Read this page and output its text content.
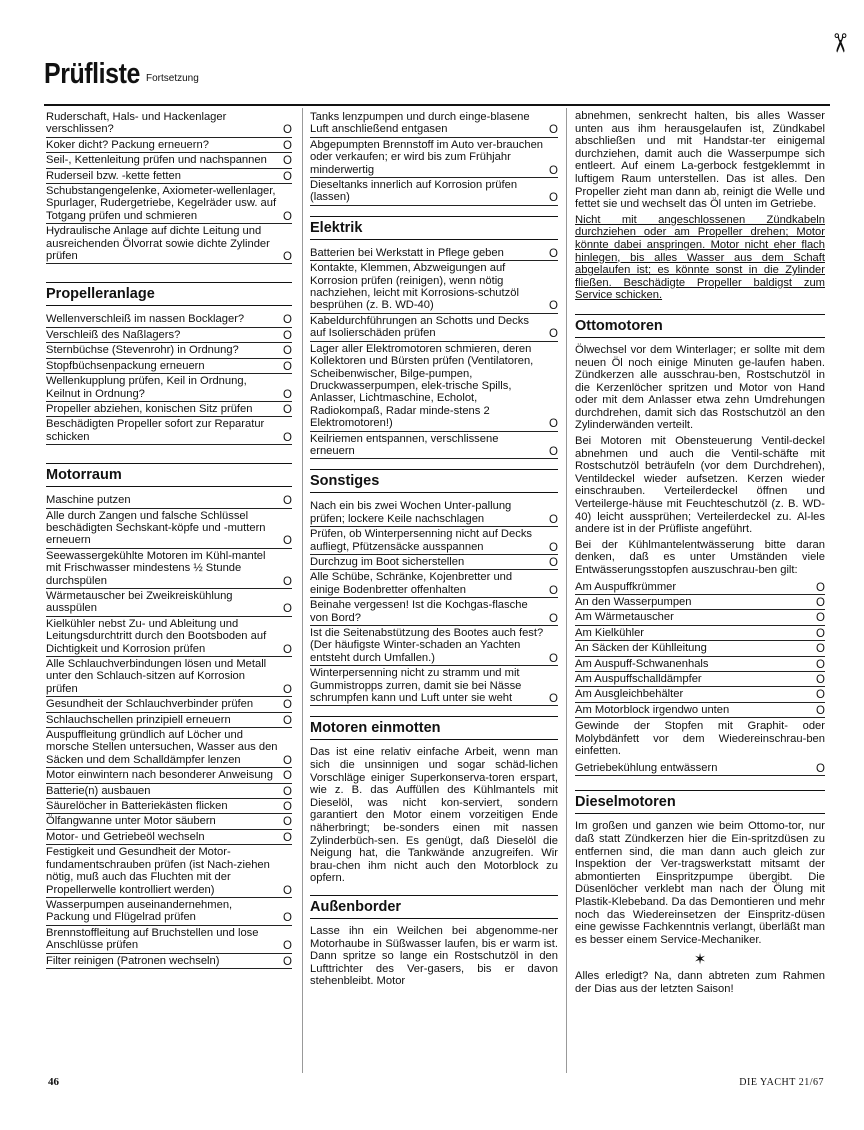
✂
Prüfliste Fortsetzung
Ruderschaft, Hals- und Hackenlager verschlissen?	O
Koker dicht? Packung erneuern?	O
Seil-, Kettenleitung prüfen und nachspannen	O
Ruderseil bzw. -kette fetten	O
Schubstangengelenke, Axiometer-wellenlager, Spurlager, Rudergetriebe, Kegelräder usw. auf Totgang prüfen und schmieren	O
Hydraulische Anlage auf dichte Leitung und ausreichenden Ölvorrat sowie dichte Zylinder prüfen	O
Propelleranlage
Wellenverschleiß im nassen Bocklager?	O
Verschleiß des Naßlagers?	O
Sternbüchse (Stevenrohr) in Ordnung?	O
Stopfbüchsenpackung erneuern	O
Wellenkupplung prüfen, Keil in Ordnung, Keilnut in Ordnung?	O
Propeller abziehen, konischen Sitz prüfen	O
Beschädigten Propeller sofort zur Reparatur schicken	O
Motorraum
Maschine putzen	O
Alle durch Zangen und falsche Schlüssel beschädigten Sechskant-köpfe und -muttern erneuern	O
Seewassergekühlte Motoren im Kühl-mantel mit Frischwasser mindestens ½ Stunde durchspülen	O
Wärmetauscher bei Zweikreiskühlung ausspülen	O
Kielkühler nebst Zu- und Ableitung und Leitungsdurchtritt durch den Bootsboden auf Dichtigkeit und Korrosion prüfen	O
Alle Schlauchverbindungen lösen und Metall unter den Schlauch-sitzen auf Korrosion prüfen	O
Gesundheit der Schlauchverbinder prüfen	O
Schlauchschellen prinzipiell erneuern	O
Auspuffleitung gründlich auf Löcher und morsche Stellen untersuchen, Wasser aus den Säcken und dem Schalldämpfer lenzen	O
Motor einwintern nach besonderer Anweisung O
Batterie(n) ausbauen	O
Säurelöcher in Batteriekästen flicken	O
Ölfangwanne unter Motor säubern	O
Motor- und Getriebeöl wechseln	O
Festigkeit und Gesundheit der Motor-fundamentschrauben prüfen (ist Nach-ziehen nötig, muß auch das Fluchten mit der Propellerwelle kontrolliert werden)	O
Wasserpumpen auseinandernehmen, Packung und Flügelrad prüfen	O
Brennstoffleitung auf Bruchstellen und lose Anschlüsse prüfen	O
Filter reinigen (Patronen wechseln)	O
Tanks lenzpumpen und durch einge-blasene Luft anschließend entgasen	O
Abgepumpten Brennstoff im Auto ver-brauchen oder verkaufen; er wird bis zum Frühjahr minderwertig	O
Dieseltanks innerlich auf Korrosion prüfen (lassen)	O
Elektrik
Batterien bei Werkstatt in Pflege geben	O
Kontakte, Klemmen, Abzweigungen auf Korrosion prüfen (reinigen), wenn nötig nachziehen, leicht mit Korrosions-schutzöl besprühen (z. B. WD-40)	O
Kabeldurchführungen an Schotts und Decks auf Isolierschäden prüfen	O
Lager aller Elektromotoren schmieren, deren Kollektoren und Bürsten prüfen (Ventilatoren, Scheibenwischer, Bilge-pumpen, Druckwasserpumpen, elek-trische Spills, Anlasser, Lichtmaschine, Echolot, Radiokompaß, Radar minde-stens 2 Elektromotoren!)	O
Keilriemen entspannen, verschlissene erneuern	O
Sonstiges
Nach ein bis zwei Wochen Unter-pallung prüfen; lockere Keile nachschlagen	O
Prüfen, ob Winterpersenning nicht auf Decks aufliegt, Pfützensäcke ausspannen	O
Durchzug im Boot sicherstellen	O
Alle Schübe, Schränke, Kojenbretter und einige Bodenbretter offenhalten	O
Beinahe vergessen! Ist die Kochgas-flasche von Bord?	O
Ist die Seitenabstützung des Bootes auch fest? (Der häufigste Winter-schaden an Yachten entsteht durch Umfallen.)	O
Winterpersenning nicht zu stramm und mit Gummistropps zurren, damit sie bei Nässe schrumpfen kann und Luft unter sie weht	O
Motoren einmotten

Das ist eine relativ einfache Arbeit, wenn man sich die unsinnigen und sogar schäd-lichen Vorschläge einiger Superkonserva-toren erspart, wie z. B. das Auffüllen des Kühlmantels mit Dieselöl, was nicht kon-serviert, sondern garantiert den Motor einem vorzeitigen Ende näherbringt; be-sonders einen mit nassen Zylinderbüch-sen. Es genügt, daß Dieselöl die Neigung hat, die Tankwände anzugreifen. Wir brau-chen ihm nicht auch den Motorblock zu opfern.

Außenborder

Lasse ihn ein Weilchen bei abgenomme-ner Motorhaube in Süßwasser laufen, bis er warm ist. Dann spritze so lange ein Rostschutzöl in den Lufttrichter des Ver-gasers, bis er davon stehenbleibt. Motor

abnehmen, senkrecht halten, bis alles Wasser unten aus ihm herausgelaufen ist, Zündkabel abschließen und mit Handstar-ter einigemal durchziehen, damit auch die Wasserpumpe sich entleert. Auf einem La-gerbock festgeklemmt in luftigem Raum unterstellen. Das ist alles. Den Propeller zieht man dann ab, reinigt die Welle und fettet sie und wechselt das Öl unten im Getriebe.

Nicht mit angeschlossenen Zündkabeln durchziehen oder am Propeller drehen; Motor könnte dabei anspringen. Motor nicht eher flach hinlegen, bis alles Wasser aus dem Schaft abgelaufen ist; es könnte sonst in die Zylinder fließen. Beschädigte Propeller baldigst zum Service schicken.

Ottomotoren

Ölwechsel vor dem Winterlager; er sollte mit dem neuen Öl noch einige Minuten ge-laufen haben. Zündkerzen alle ausschrau-ben, Rostschutzöl in die Kerzenlöcher spritzen und Motor von Hand oder mit dem Anlasser etwa zehn Umdrehungen durchdrehen, damit sich das Rostschutzöl an den Zylinderwänden verteilt.

Bei Motoren mit Obensteuerung Ventil-deckel abnehmen und auch die Ventil-schäfte mit Rostschutzöl beträufeln (vor dem Durchdrehen), Ventildeckel wieder aufsetzen. Kerzen wieder einschrauben. Verteilerdeckel öffnen und Verteilerge-häuse mit Feuchteschutzöl (z. B. WD-40) leicht aussprühen; Verteilerdeckel zu. Al-les andere ist in der Prüfliste angeführt.

Bei der Kühlmantelentwässerung bitte daran denken, daß es unter Umständen viele Entwässerungsstopfen auszuschrau-ben gilt:

Am Auspuffkrümmer	O
An den Wasserpumpen	O
Am Wärmetauscher	O
Am Kielkühler	O
An Säcken der Kühlleitung	O
Am Auspuff-Schwanenhals	O
Am Auspuffschalldämpfer	O
Am Ausgleichbehälter	O
Am Motorblock irgendwo unten	O

Gewinde der Stopfen mit Graphit- oder Molybdänfett vor dem Wiedereinschrau-ben einfetten.

Getriebekühlung entwässern	O
Dieselmotoren

Im großen und ganzen wie beim Ottomo-tor, nur daß statt Zündkerzen hier die Ein-spritzdüsen zu entfernen sind, die man dann auch gleich zur Inspektion der Ver-tragswerkstatt mitsamt der abmontierten Einspritzpumpe übergibt. Die Düsenlöcher verklebt man nach der Ölung mit Plastik-Klebeband. Da das Demontieren und mehr noch das Wiedereinsetzen der Einspritz-düsen eine gewisse Fachkenntnis verlangt, überläßt man es besser einem Service-Mechaniker.

✶

Alles erledigt? Na, dann abtreten zum Rahmen der Dias aus der letzten Saison!

46	DIE YACHT 21/67
